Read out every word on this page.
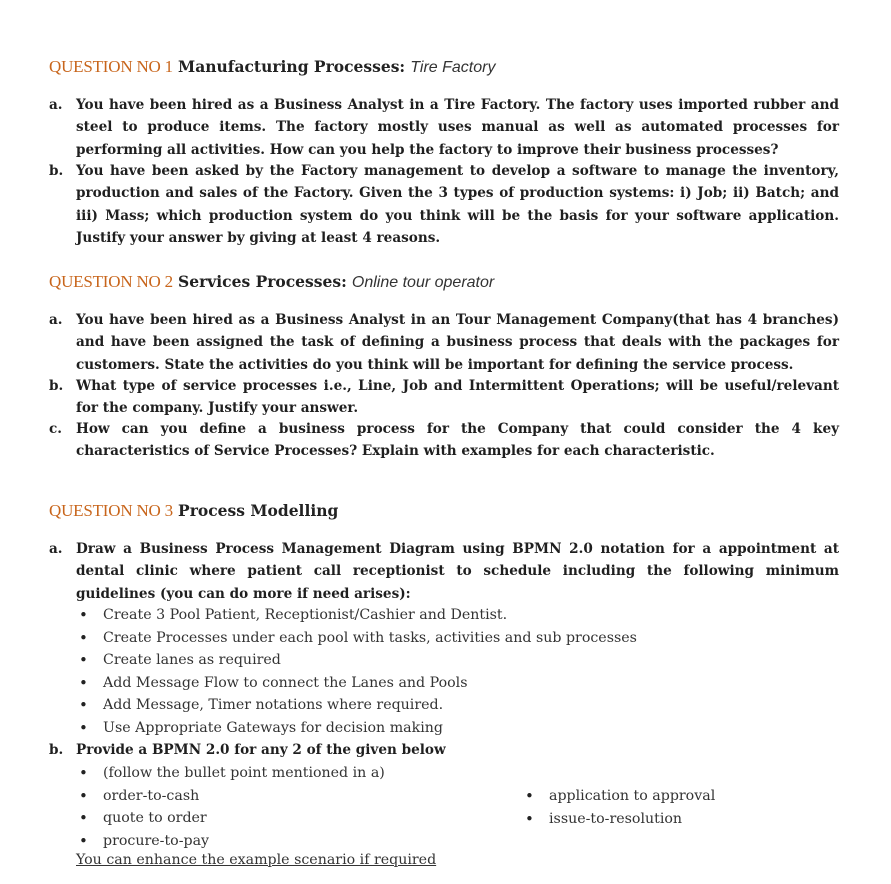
QUESTION NO 1 Manufacturing Processes: Tire Factory
a. You have been hired as a Business Analyst in a Tire Factory. The factory uses imported rubber and steel to produce items. The factory mostly uses manual as well as automated processes for performing all activities. How can you help the factory to improve their business processes?
b. You have been asked by the Factory management to develop a software to manage the inventory, production and sales of the Factory. Given the 3 types of production systems: i) Job; ii) Batch; and iii) Mass; which production system do you think will be the basis for your software application. Justify your answer by giving at least 4 reasons.
QUESTION NO 2 Services Processes: Online tour operator
a. You have been hired as a Business Analyst in an Tour Management Company(that has 4 branches) and have been assigned the task of defining a business process that deals with the packages for customers. State the activities do you think will be important for defining the service process.
b. What type of service processes i.e., Line, Job and Intermittent Operations; will be useful/relevant for the company. Justify your answer.
c. How can you define a business process for the Company that could consider the 4 key characteristics of Service Processes? Explain with examples for each characteristic.
QUESTION NO 3 Process Modelling
a. Draw a Business Process Management Diagram using BPMN 2.0 notation for a appointment at dental clinic where patient call receptionist to schedule including the following minimum guidelines (you can do more if need arises):
• Create 3 Pool Patient, Receptionist/Cashier and Dentist.
• Create Processes under each pool with tasks, activities and sub processes
• Create lanes as required
• Add Message Flow to connect the Lanes and Pools
• Add Message, Timer notations where required.
• Use Appropriate Gateways for decision making
b. Provide a BPMN 2.0 for any 2 of the given below
• (follow the bullet point mentioned in a)
• order-to-cash
• quote to order
• procure-to-pay
• application to approval
• issue-to-resolution
You can enhance the example scenario if required
